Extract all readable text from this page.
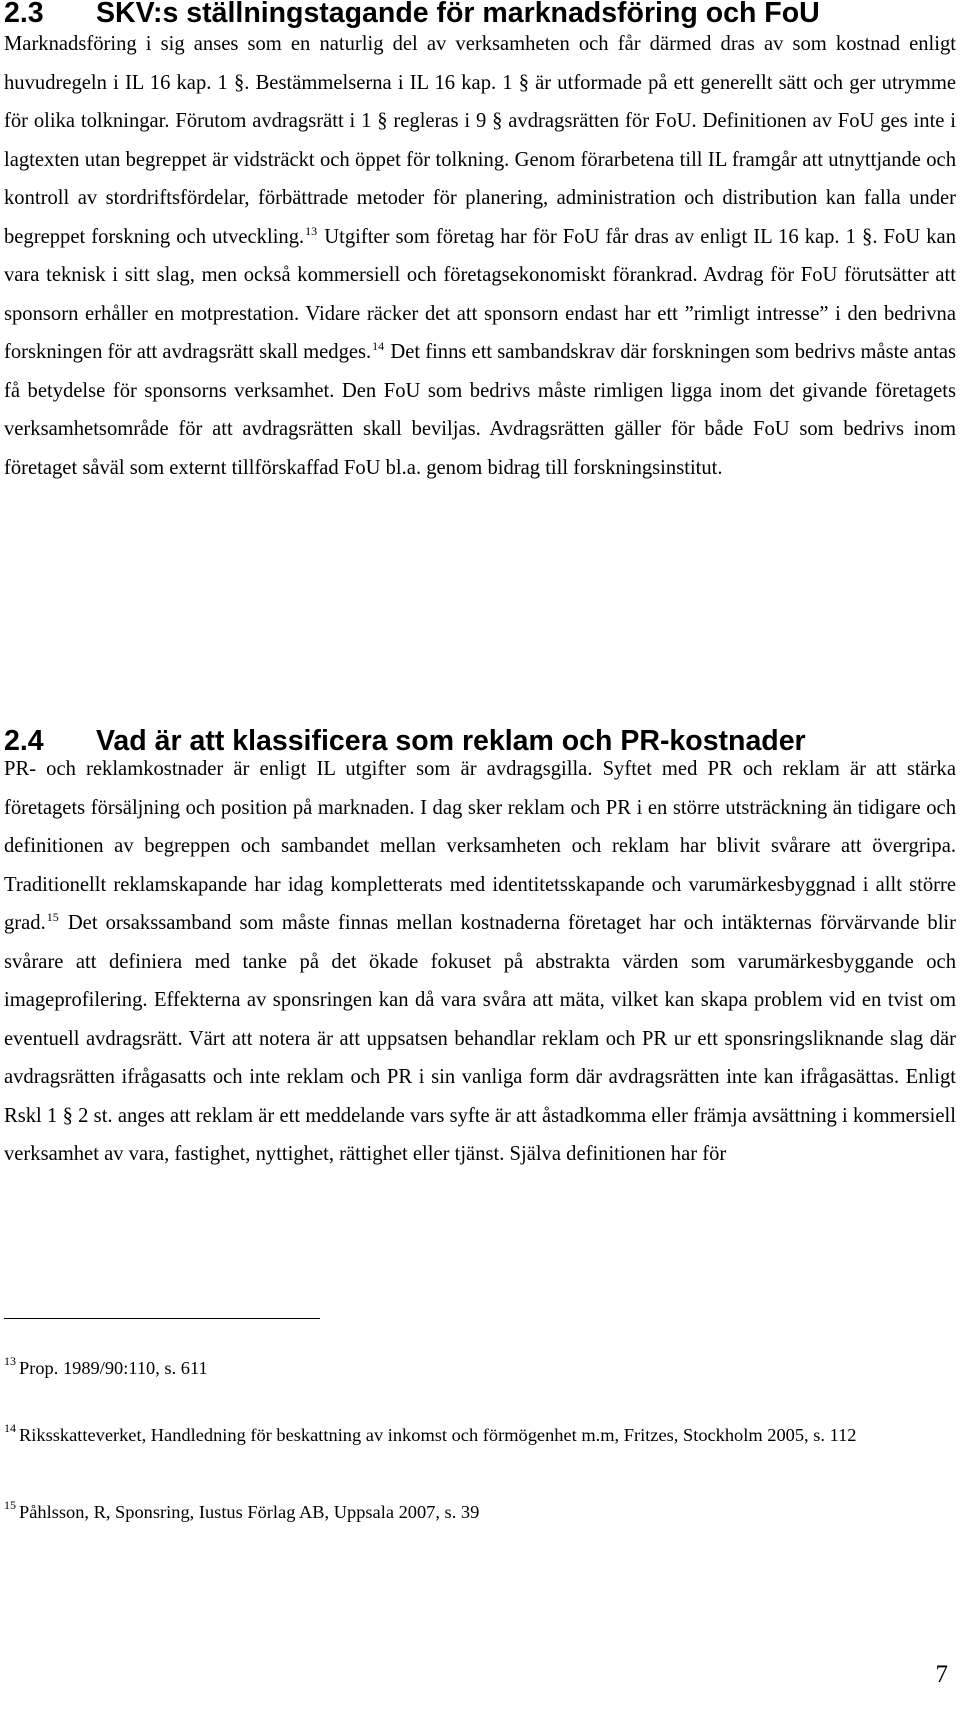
2.3 SKV:s ställningstagande för marknadsföring och FoU

Marknadsföring i sig anses som en naturlig del av verksamheten och får därmed dras av som kostnad enligt huvudregeln i IL 16 kap. 1 §. Bestämmelserna i IL 16 kap. 1 § är utformade på ett generellt sätt och ger utrymme för olika tolkningar. Förutom avdragsrätt i 1 § regleras i 9 § avdragsrätten för FoU. Definitionen av FoU ges inte i lagtexten utan begreppet är vidsträckt och öppet för tolkning. Genom förarbetena till IL framgår att utnyttjande och kontroll av stordriftsfördelar, förbättrade metoder för planering, administration och distribution kan falla under begreppet forskning och utveckling.$^{13}$ Utgifter som företag har för FoU får dras av enligt IL 16 kap. 1 §. FoU kan vara teknisk i sitt slag, men också kommersiell och företagsekonomiskt förankrad. Avdrag för FoU förutsätter att sponsorn erhåller en motprestation. Vidare räcker det att sponsorn endast har ett ”rimligt intresse” i den bedrivna forskningen för att avdragsrätt skall medges.$^{14}$ Det finns ett sambandskrav där forskningen som bedrivs måste antas få betydelse för sponsorns verksamhet. Den FoU som bedrivs måste rimligen ligga inom det givande företagets verksamhetsområde för att avdragsrätten skall beviljas. Avdragsrätten gäller för både FoU som bedrivs inom företaget såväl som externt tillförskaffad FoU bl.a. genom bidrag till forskningsinstitut.

2.4 Vad är att klassificera som reklam och PR-kostnader

PR- och reklamkostnader är enligt IL utgifter som är avdragsgilla. Syftet med PR och reklam är att stärka företagets försäljning och position på marknaden. I dag sker reklam och PR i en större utsträckning än tidigare och definitionen av begreppen och sambandet mellan verksamheten och reklam har blivit svårare att övergripa. Traditionellt reklamskapande har idag kompletterats med identitetsskapande och varumärkesbyggnad i allt större grad.$^{15}$ Det orsakssamband som måste finnas mellan kostnaderna företaget har och intäkternas förvärvande blir svårare att definiera med tanke på det ökade fokuset på abstrakta värden som varumärkesbyggande och imageprofilering. Effekterna av sponsringen kan då vara svåra att mäta, vilket kan skapa problem vid en tvist om eventuell avdragsrätt. Värt att notera är att uppsatsen behandlar reklam och PR ur ett sponsringsliknande slag där avdragsrätten ifrågasatts och inte reklam och PR i sin vanliga form där avdragsrätten inte kan ifrågasättas. Enligt Rskl 1 § 2 st. anges att reklam är ett meddelande vars syfte är att åstadkomma eller främja avsättning i kommersiell verksamhet av vara, fastighet, nyttighet, rättighet eller tjänst. Själva definitionen har för

$^{13}$ Prop. 1989/90:110, s. 611

$^{14}$ Riksskatteverket, Handledning för beskattning av inkomst och förmögenhet m.m, Fritzes, Stockholm 2005, s. 112

$^{15}$ Påhlsson, R, Sponsring, Iustus Förlag AB, Uppsala 2007, s. 39

7
